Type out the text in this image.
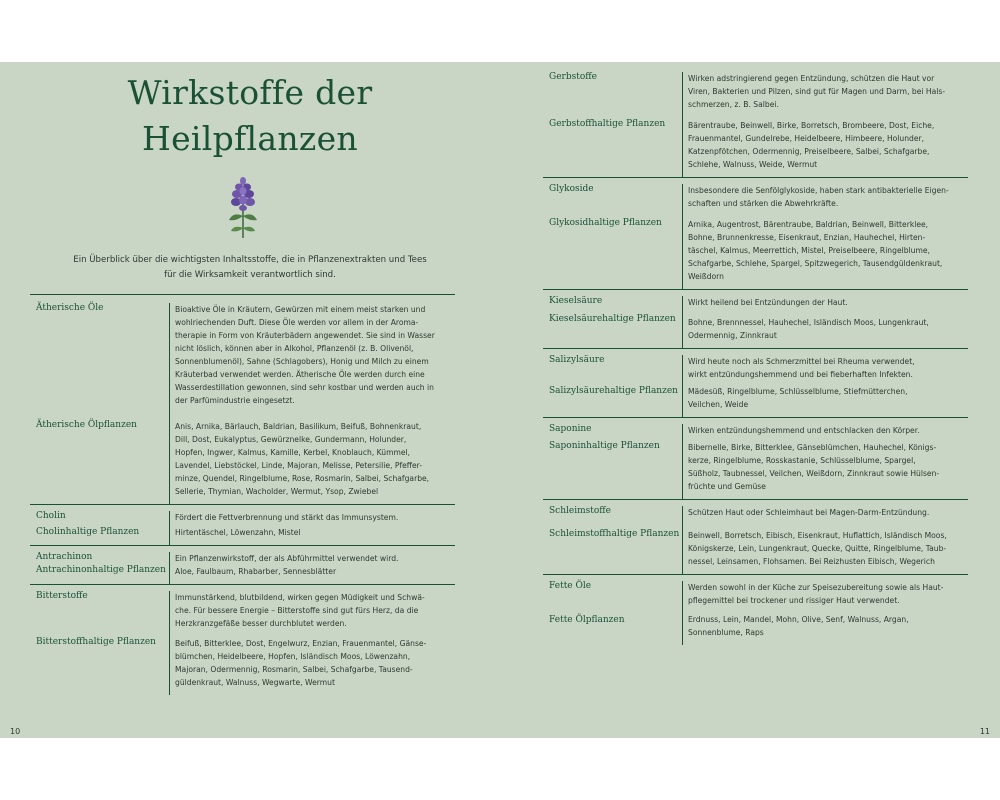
Wirkstoffe der
Heilpflanzen

Ein Überblick über die wichtigsten Inhaltsstoffe, die in Pflanzenextrakten und Tees
für die Wirksamkeit verantwortlich sind.

Ätherische Öle
Ätherische Ölpflanzen
Bioaktive Öle in Kräutern, Gewürzen mit einem meist starken und
wohlriechenden Duft. Diese Öle werden vor allem in der Aroma-
therapie in Form von Kräuterbädern angewendet. Sie sind in Wasser
nicht löslich, können aber in Alkohol, Pflanzenöl (z. B. Olivenöl,
Sonnenblumenöl), Sahne (Schlagobers), Honig und Milch zu einem
Kräuterbad verwendet werden. Ätherische Öle werden durch eine
Wasserdestillation gewonnen, sind sehr kostbar und werden auch in
der Parfümindustrie eingesetzt.
Anis, Arnika, Bärlauch, Baldrian, Basilikum, Beifuß, Bohnenkraut,
Dill, Dost, Eukalyptus, Gewürznelke, Gundermann, Holunder,
Hopfen, Ingwer, Kalmus, Kamille, Kerbel, Knoblauch, Kümmel,
Lavendel, Liebstöckel, Linde, Majoran, Melisse, Petersilie, Pfeffer-
minze, Quendel, Ringelblume, Rose, Rosmarin, Salbei, Schafgarbe,
Sellerie, Thymian, Wacholder, Wermut, Ysop, Zwiebel
Cholin
Cholinhaltige Pflanzen
Fördert die Fettverbrennung und stärkt das Immunsystem.
Hirtentäschel, Löwenzahn, Mistel
Antrachinon
Antrachinonhaltige Pflanzen
Ein Pflanzenwirkstoff, der als Abführmittel verwendet wird.
Aloe, Faulbaum, Rhabarber, Sennesblätter
Bitterstoffe
Bitterstoffhaltige Pflanzen
Immunstärkend, blutbildend, wirken gegen Müdigkeit und Schwä-
che. Für bessere Energie – Bitterstoffe sind gut fürs Herz, da die
Herzkranzgefäße besser durchblutet werden.
Beifuß, Bitterklee, Dost, Engelwurz, Enzian, Frauenmantel, Gänse-
blümchen, Heidelbeere, Hopfen, Isländisch Moos, Löwenzahn,
Majoran, Odermennig, Rosmarin, Salbei, Schafgarbe, Tausend-
güldenkraut, Walnuss, Wegwarte, Wermut
10
Gerbstoffe
Gerbstoffhaltige Pflanzen
Wirken adstringierend gegen Entzündung, schützen die Haut vor
Viren, Bakterien und Pilzen, sind gut für Magen und Darm, bei Hals-
schmerzen, z. B. Salbei.
Bärentraube, Beinwell, Birke, Borretsch, Brombeere, Dost, Eiche,
Frauenmantel, Gundelrebe, Heidelbeere, Himbeere, Holunder,
Katzenpfötchen, Odermennig, Preiselbeere, Salbei, Schafgarbe,
Schlehe, Walnuss, Weide, Wermut
Glykoside
Glykosidhaltige Pflanzen
Insbesondere die Senfölglykoside, haben stark antibakterielle Eigen-
schaften und stärken die Abwehrkräfte.
Arnika, Augentrost, Bärentraube, Baldrian, Beinwell, Bitterklee,
Bohne, Brunnenkresse, Eisenkraut, Enzian, Hauhechel, Hirten-
täschel, Kalmus, Meerrettich, Mistel, Preiselbeere, Ringelblume,
Schafgarbe, Schlehe, Spargel, Spitzwegerich, Tausendgüldenkraut,
Weißdorn
Kieselsäure
Kieselsäurehaltige Pflanzen
Wirkt heilend bei Entzündungen der Haut.
Bohne, Brennnessel, Hauhechel, Isländisch Moos, Lungenkraut,
Odermennig, Zinnkraut
Salizylsäure
Salizylsäurehaltige Pflanzen
Wird heute noch als Schmerzmittel bei Rheuma verwendet,
wirkt entzündungshemmend und bei fieberhaften Infekten.
Mädesüß, Ringelblume, Schlüsselblume, Stiefmütterchen,
Veilchen, Weide
Saponine
Saponinhaltige Pflanzen
Wirken entzündungshemmend und entschlacken den Körper.
Bibernelle, Birke, Bitterklee, Gänseblümchen, Hauhechel, Königs-
kerze, Ringelblume, Rosskastanie, Schlüsselblume, Spargel,
Süßholz, Taubnessel, Veilchen, Weißdorn, Zinnkraut sowie Hülsen-
früchte und Gemüse
Schleimstoffe
Schleimstoffhaltige Pflanzen
Schützen Haut oder Schleimhaut bei Magen-Darm-Entzündung.
Beinwell, Borretsch, Eibisch, Eisenkraut, Huflattich, Isländisch Moos,
Königskerze, Lein, Lungenkraut, Quecke, Quitte, Ringelblume, Taub-
nessel, Leinsamen, Flohsamen. Bei Reizhusten Eibisch, Wegerich
Fette Öle
Fette Ölpflanzen
Werden sowohl in der Küche zur Speisezubereitung sowie als Haut-
pflegemittel bei trockener und rissiger Haut verwendet.
Erdnuss, Lein, Mandel, Mohn, Olive, Senf, Walnuss, Argan,
Sonnenblume, Raps
11
